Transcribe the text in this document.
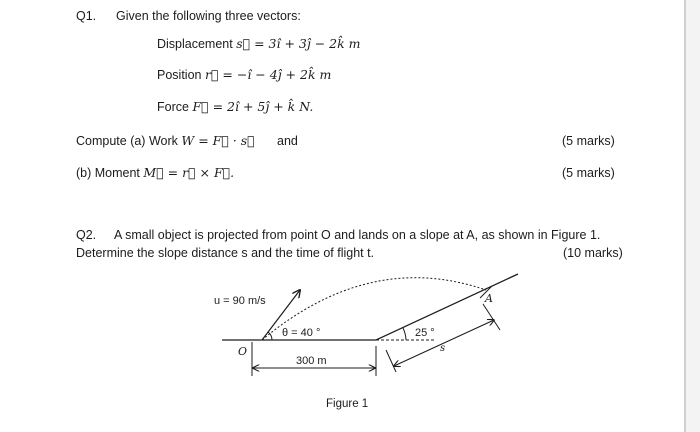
Q1. Given the following three vectors:
Displacement s⃗ = 3î + 3ĵ − 2k̂ m
Position r⃗ = −î − 4ĵ + 2k̂ m
Force F⃗ = 2î + 5ĵ + k̂ N.
Compute (a) Work W = F⃗ · s⃗ and	(5 marks)
(b) Moment M⃗ = r⃗ × F⃗.	(5 marks)
Q2. A small object is projected from point O and lands on a slope at A, as shown in Figure 1.
Determine the slope distance s and the time of flight t.	(10 marks)
u = 90 m/s
θ = 40 °	25 °
300 m
O
A
s
Figure 1
